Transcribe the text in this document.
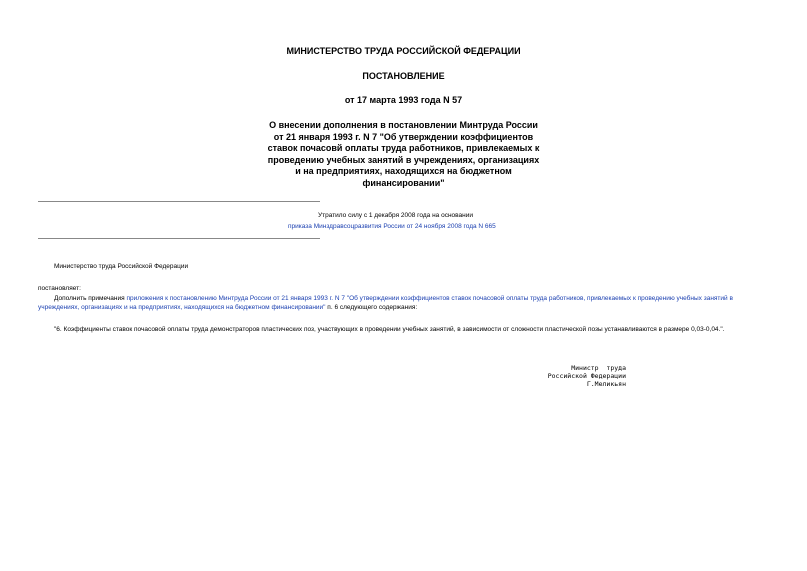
МИНИСТЕРСТВО ТРУДА РОССИЙСКОЙ ФЕДЕРАЦИИ
ПОСТАНОВЛЕНИЕ
от 17 марта 1993 года N 57
О внесении дополнения в постановлении Минтруда России
от 21 января 1993 г. N 7 "Об утверждении коэффициентов
ставок почасовй оплаты труда работников, привлекаемых к
проведению учебных занятий в учреждениях, организациях
и на предприятиях, находящихся на бюджетном
финансировании"
Утратило силу с 1 декабря 2008 года на основании
приказа Минздравсоцразвития России от 24 ноября 2008 года N 665
Министерство труда Российской Федерации
постановляет:
Дополнить примечания приложения к постановлению Минтруда России от 21 января 1993 г. N 7 "Об утверждении коэффициентов ставок почасовой оплаты труда работников, привлекаемых к проведению учебных занятий в учреждениях, организациях и на предприятиях, находящихся на бюджетном финансировании" п. 6 следующего содержания:
"6. Коэффициенты ставок почасовой оплаты труда демонстраторов пластических поз, участвующих в проведении учебных занятий, в зависимости от сложности пластической позы устанавливаются в размере 0,03-0,04.".
Министр  труда
Российской Федерации
Г.Меликьян
